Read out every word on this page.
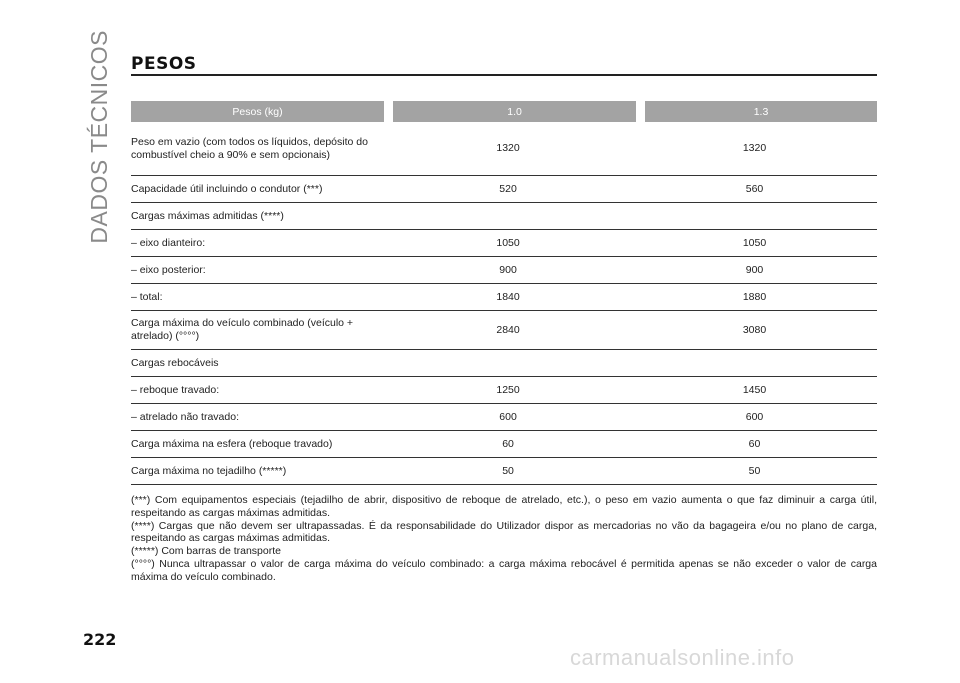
DADOS TÉCNICOS PESOS
Pesos (kg)	1.0	1.3
Peso em vazio (com todos os líquidos, depósito do combustível cheio a 90% e sem opcionais)	1320	1320
Capacidade útil incluindo o condutor (***)	520	560
Cargas máximas admitidas (****)		
– eixo dianteiro:	1050	1050
– eixo posterior:	900	900
– total:	1840	1880
Carga máxima do veículo combinado (veículo + atrelado) (°°°°)	2840	3080
Cargas rebocáveis		
– reboque travado:	1250	1450
– atrelado não travado:	600	600
Carga máxima na esfera (reboque travado)	60	60
Carga máxima no tejadilho (*****)	50	50

(***) Com equipamentos especiais (tejadilho de abrir, dispositivo de reboque de atrelado, etc.), o peso em vazio aumenta o que faz diminuir a carga útil, respeitando as cargas máximas admitidas.

(****) Cargas que não devem ser ultrapassadas. É da responsabilidade do Utilizador dispor as mercadorias no vão da bagageira e/ou no plano de carga, respeitando as cargas máximas admitidas.

(*****) Com barras de transporte

(°°°°) Nunca ultrapassar o valor de carga máxima do veículo combinado: a carga máxima rebocável é permitida apenas se não exceder o valor de carga máxima do veículo combinado.

222
carmanualsonline.info
